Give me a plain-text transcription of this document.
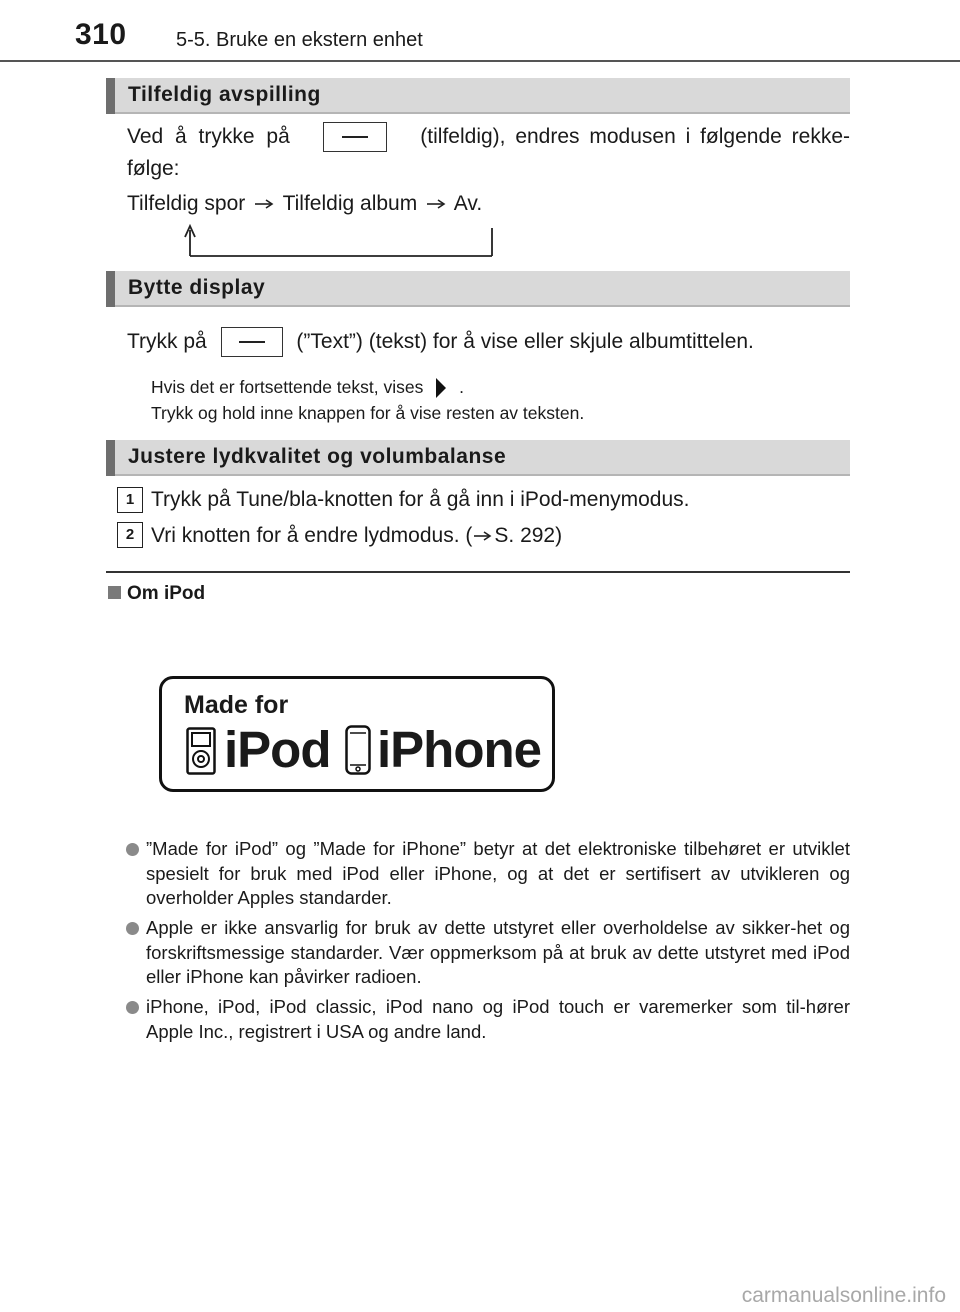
310 5-5. Bruke en ekstern enhet
Tilfeldig avspilling
Ved å trykke på	(tilfeldig), endres modusen i følgende rekke-
følge:
Tilfeldig spor Tilfeldig album Av.
Bytte display
Trykk på	(”Text”) (tekst) for å vise eller skjule albumtittelen.
Hvis det er fortsettende tekst, vises .
Trykk og hold inne knappen for å vise resten av teksten.
Justere lydkvalitet og volumbalanse
1 Trykk på Tune/bla-knotten for å gå inn i iPod-menymodus.
2 Vri knotten for å endre lydmodus. ( S. 292)
Om iPod
Made for
iPod iPhone
”Made for iPod” og ”Made for iPhone” betyr at det elektroniske tilbehøret er utviklet spesielt for bruk med iPod eller iPhone, og at det er sertifisert av utvikleren og overholder Apples standarder.
Apple er ikke ansvarlig for bruk av dette utstyret eller overholdelse av sikker-het og forskriftsmessige standarder. Vær oppmerksom på at bruk av dette utstyret med iPod eller iPhone kan påvirker radioen.
iPhone, iPod, iPod classic, iPod nano og iPod touch er varemerker som til-hører Apple Inc., registrert i USA og andre land.
carmanualsonline.info
